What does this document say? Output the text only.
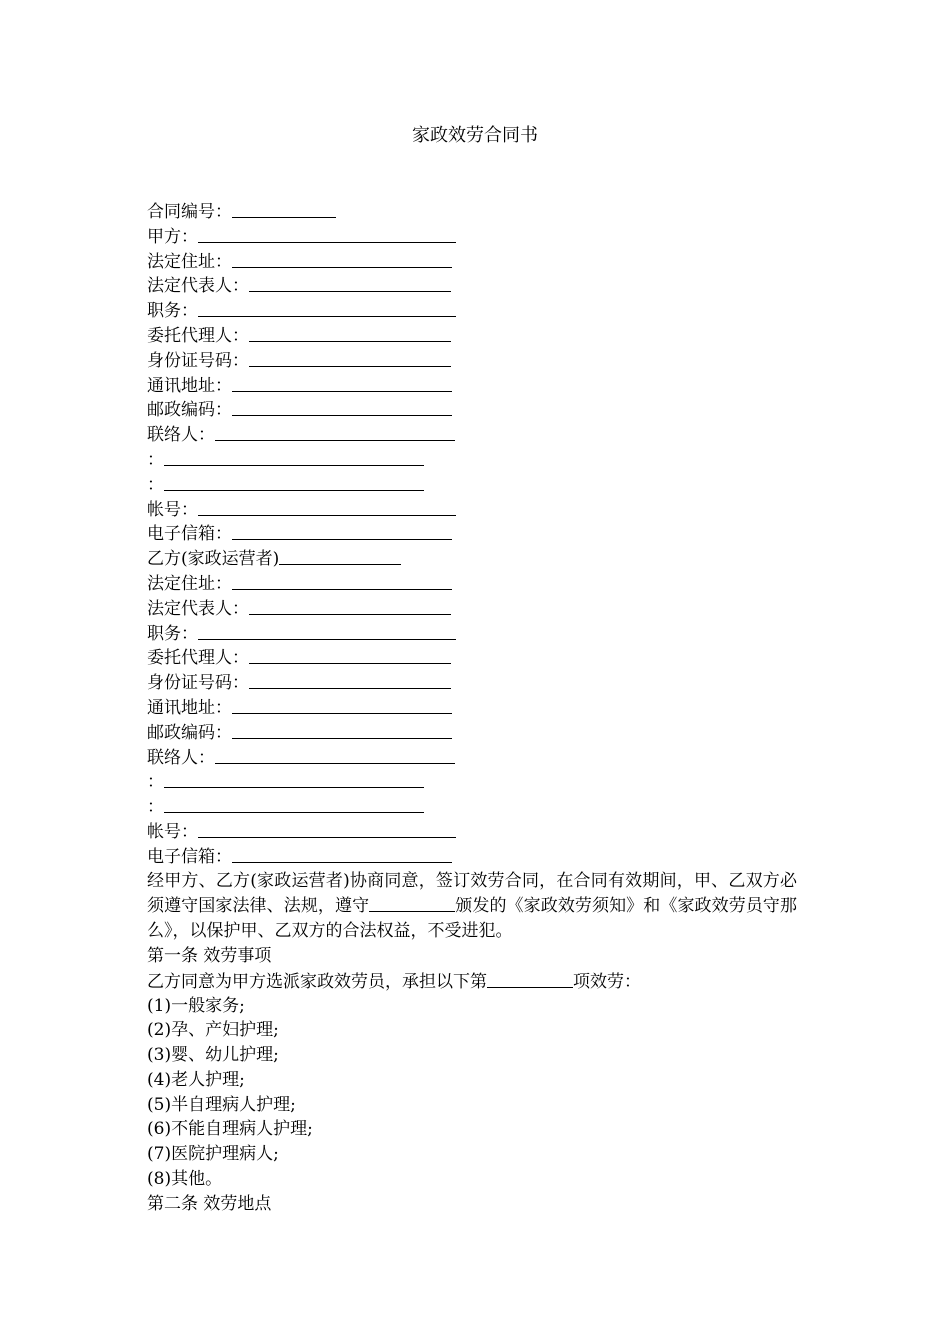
家政效劳合同书
合同编号：
甲方：
法定住址：
法定代表人：
职务：
委托代理人：
身份证号码：
通讯地址：
邮政编码：
联络人：
：
：
帐号：
电子信箱：
乙方(家政运营者)
法定住址：
法定代表人：
职务：
委托代理人：
身份证号码：
通讯地址：
邮政编码：
联络人：
：
：
帐号：
电子信箱：
经甲方、乙方(家政运营者)协商同意，签订效劳合同，在合同有效期间，甲、乙双方必须遵守国家法律、法规，遵守	颁发的《家政效劳须知》和《家政效劳员守那么》，以保护甲、乙双方的合法权益，不受进犯。
第一条 效劳事项
乙方同意为甲方选派家政效劳员，承担以下第	项效劳：
(1)一般家务;
(2)孕、产妇护理;
(3)婴、幼儿护理;
(4)老人护理;
(5)半自理病人护理;
(6)不能自理病人护理;
(7)医院护理病人;
(8)其他。
第二条 效劳地点
